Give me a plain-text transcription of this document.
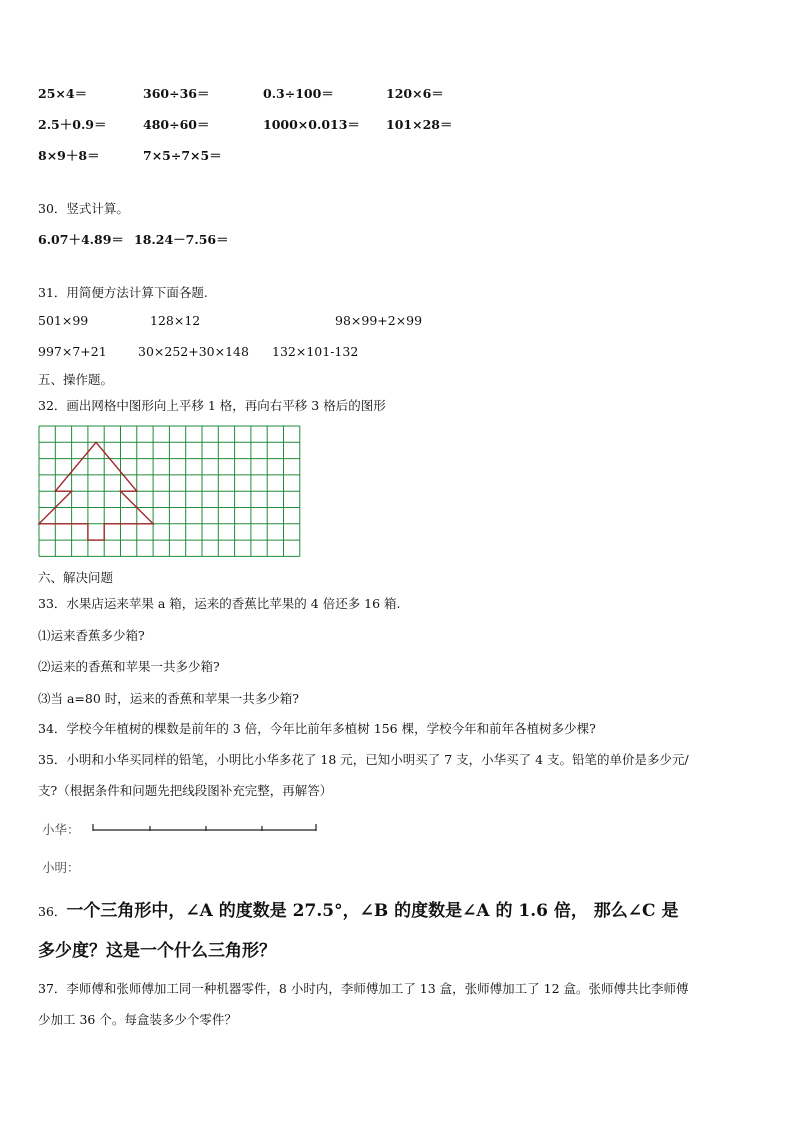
25×4＝	360÷36＝	0.3÷100＝	120×6＝
2.5＋0.9＝	480÷60＝	1000×0.013＝ 101×28＝
8×9＋8＝	7×5÷7×5＝
30．竖式计算。
6.07＋4.89＝ 18.24－7.56＝
31．用简便方法计算下面各题.
501×99	128×12	98×99+2×99
997×7+21	30×252+30×148 132×101-132
五、操作题。
32．画出网格中图形向上平移 1 格，再向右平移 3 格后的图形
六、解决问题
33．水果店运来苹果 a 箱，运来的香蕉比苹果的 4 倍还多 16 箱.
⑴运来香蕉多少箱?
⑵运来的香蕉和苹果一共多少箱?
⑶当 a=80 时，运来的香蕉和苹果一共多少箱?
34．学校今年植树的棵数是前年的 3 倍，今年比前年多植树 156 棵，学校今年和前年各植树多少棵?
35．小明和小华买同样的铅笔，小明比小华多花了 18 元，已知小明买了 7 支，小华买了 4 支。铅笔的单价是多少元/
支?（根据条件和问题先把线段图补充完整，再解答）
小华：
小明：
36．一个三角形中，∠A 的度数是 27.5°，∠B 的度数是∠A 的 1.6 倍， 那么∠C 是
多少度？这是一个什么三角形？
37．李师傅和张师傅加工同一种机器零件，8 小时内，李师傅加工了 13 盒，张师傅加工了 12 盒。张师傅共比李师傅
少加工 36 个。每盒装多少个零件？
